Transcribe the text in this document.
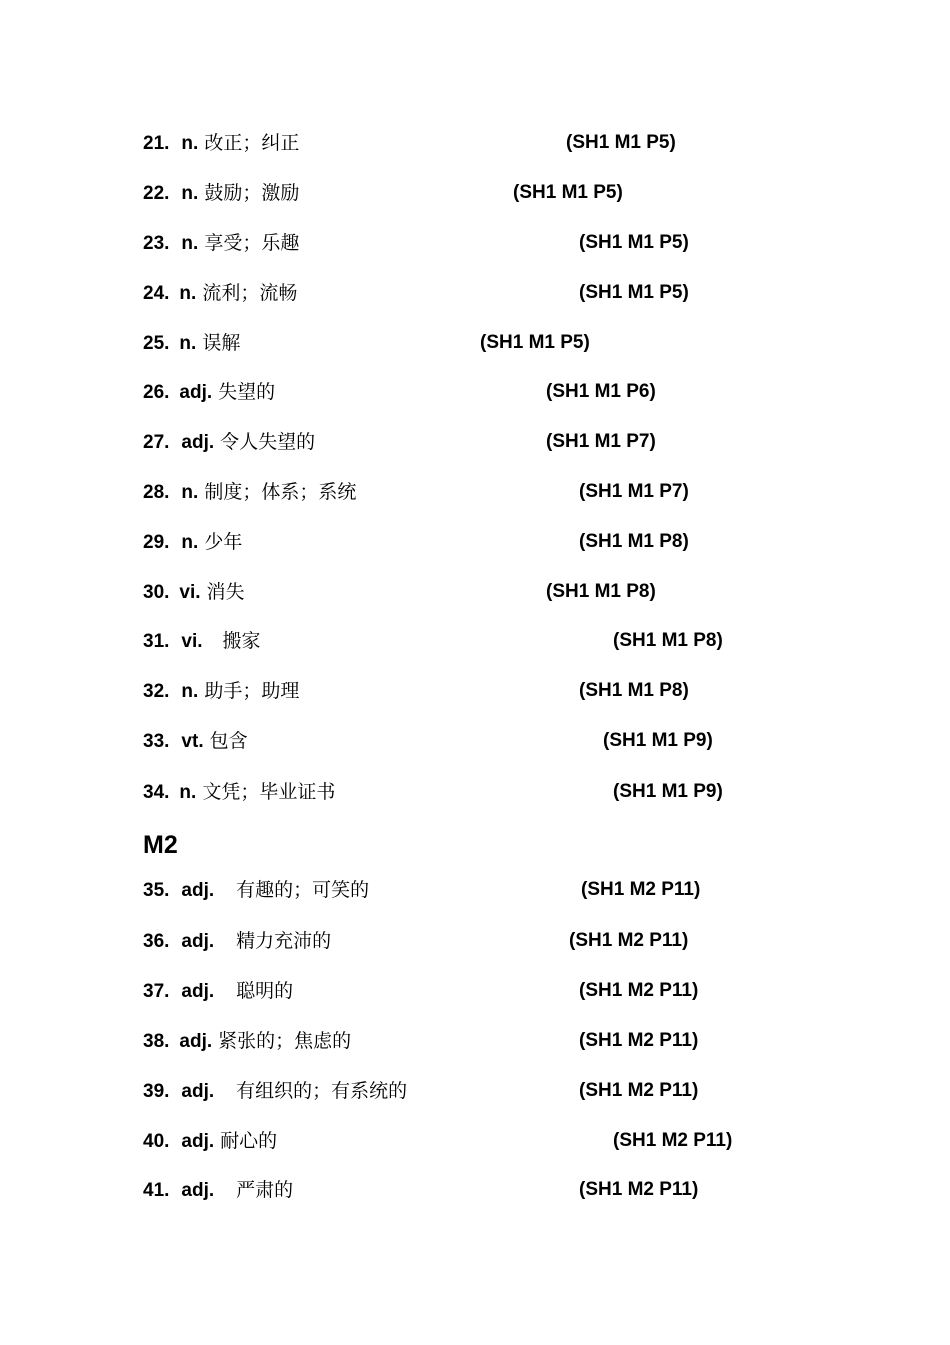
21. n. 改正；纠正	(SH1 M1 P5)
22. n. 鼓励；激励	(SH1 M1 P5)
23. n. 享受；乐趣	(SH1 M1 P5)
24. n. 流利；流畅	(SH1 M1 P5)
25. n. 误解	(SH1 M1 P5)
26. adj. 失望的	(SH1 M1 P6)
27. adj. 令人失望的	(SH1 M1 P7)
28. n. 制度；体系；系统	(SH1 M1 P7)
29. n. 少年	(SH1 M1 P8)
30. vi. 消失	(SH1 M1 P8)
31. vi. 搬家	(SH1 M1 P8)
32. n. 助手；助理	(SH1 M1 P8)
33. vt. 包含	(SH1 M1 P9)
34. n. 文凭；毕业证书	(SH1 M1 P9)
M2
35. adj. 有趣的；可笑的	(SH1 M2 P11)
36. adj. 精力充沛的	(SH1 M2 P11)
37. adj. 聪明的	(SH1 M2 P11)
38. adj. 紧张的；焦虑的	(SH1 M2 P11)
39. adj. 有组织的；有系统的	(SH1 M2 P11)
40. adj. 耐心的	(SH1 M2 P11)
41. adj. 严肃的	(SH1 M2 P11)
